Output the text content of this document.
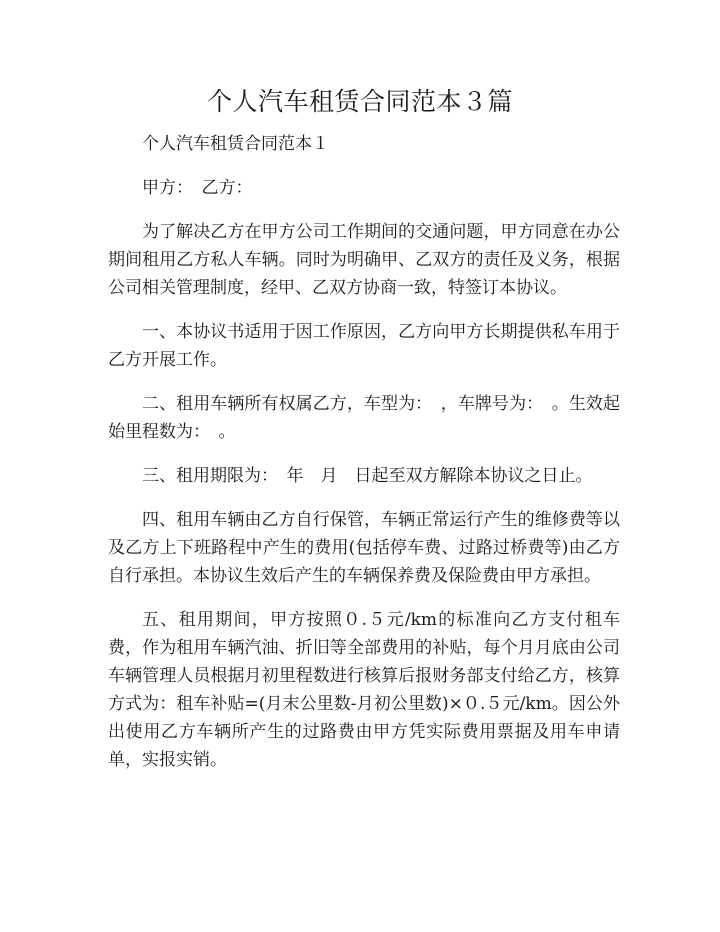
个人汽车租赁合同范本３篇

个人汽车租赁合同范本１

甲方：　乙方：

为了解决乙方在甲方公司工作期间的交通问题，甲方同意在办公期间租用乙方私人车辆。同时为明确甲、乙双方的责任及义务，根据公司相关管理制度，经甲、乙双方协商一致，特签订本协议。

一、本协议书适用于因工作原因，乙方向甲方长期提供私车用于乙方开展工作。

二、租用车辆所有权属乙方，车型为：　，车牌号为：　。生效起始里程数为：　。

三、租用期限为：　年　月　日起至双方解除本协议之日止。

四、租用车辆由乙方自行保管，车辆正常运行产生的维修费等以及乙方上下班路程中产生的费用(包括停车费、过路过桥费等)由乙方自行承担。本协议生效后产生的车辆保养费及保险费由甲方承担。

五、租用期间，甲方按照０.５元/km的标准向乙方支付租车费，作为租用车辆汽油、折旧等全部费用的补贴，每个月月底由公司车辆管理人员根据月初里程数进行核算后报财务部支付给乙方，核算方式为：租车补贴=(月末公里数-月初公里数)×０.５元/km。因公外出使用乙方车辆所产生的过路费由甲方凭实际费用票据及用车申请单，实报实销。
